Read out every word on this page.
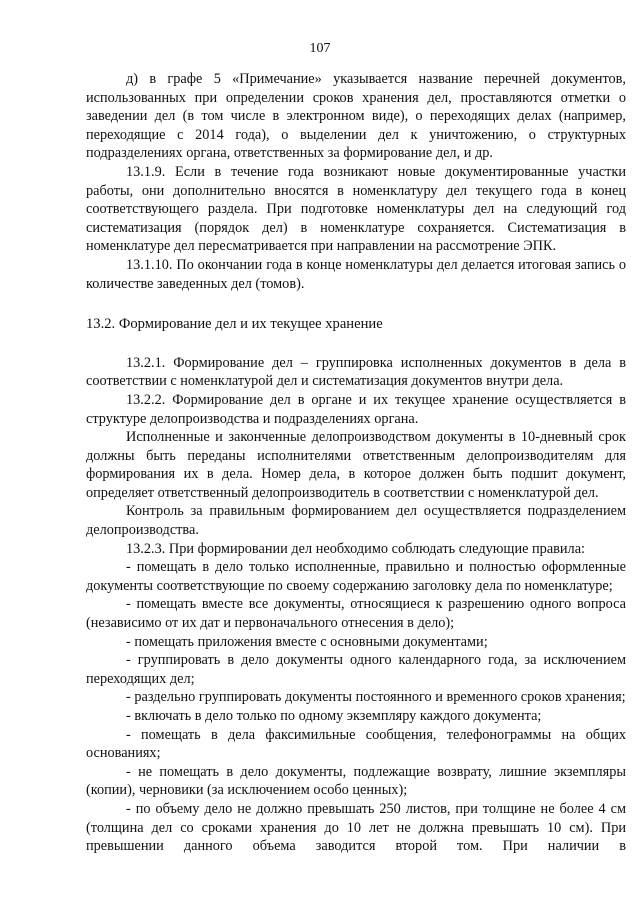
107

д) в графе 5 «Примечание» указывается название перечней документов, использованных при определении сроков хранения дел, проставляются отметки о заведении дел (в том числе в электронном виде), о переходящих делах (например, переходящие с 2014 года), о выделении дел к уничтожению, о структурных подразделениях органа, ответственных за формирование дел, и др.

13.1.9. Если в течение года возникают новые документированные участки работы, они дополнительно вносятся в номенклатуру дел текущего года в конец соответствующего раздела. При подготовке номенклатуры дел на следующий год систематизация (порядок дел) в номенклатуре сохраняется. Систематизация в номенклатуре дел пересматривается при направлении на рассмотрение ЭПК.

13.1.10. По окончании года в конце номенклатуры дел делается итоговая запись о количестве заведенных дел (томов).

13.2. Формирование дел и их текущее хранение

13.2.1. Формирование дел – группировка исполненных документов в дела в соответствии с номенклатурой дел и систематизация документов внутри дела.

13.2.2. Формирование дел в органе и их текущее хранение осуществляется в структуре делопроизводства и подразделениях органа.

Исполненные и законченные делопроизводством документы в 10-дневный срок должны быть переданы исполнителями ответственным делопроизводителям для формирования их в дела. Номер дела, в которое должен быть подшит документ, определяет ответственный делопроизводитель в соответствии с номенклатурой дел.

Контроль за правильным формированием дел осуществляется подразделением делопроизводства.

13.2.3. При формировании дел необходимо соблюдать следующие правила:

- помещать в дело только исполненные, правильно и полностью оформленные документы соответствующие по своему содержанию заголовку дела по номенклатуре;

- помещать вместе все документы, относящиеся к разрешению одного вопроса (независимо от их дат и первоначального отнесения в дело);

- помещать приложения вместе с основными документами;

- группировать в дело документы одного календарного года, за исключением переходящих дел;

- раздельно группировать документы постоянного и временного сроков хранения;

- включать в дело только по одному экземпляру каждого документа;

- помещать в дела факсимильные сообщения, телефонограммы на общих основаниях;

- не помещать в дело документы, подлежащие возврату, лишние экземпляры (копии), черновики (за исключением особо ценных);

- по объему дело не должно превышать 250 листов, при толщине не более 4 см (толщина дел со сроками хранения до 10 лет не должна превышать 10 см). При превышении данного объема заводится второй том. При наличии в
